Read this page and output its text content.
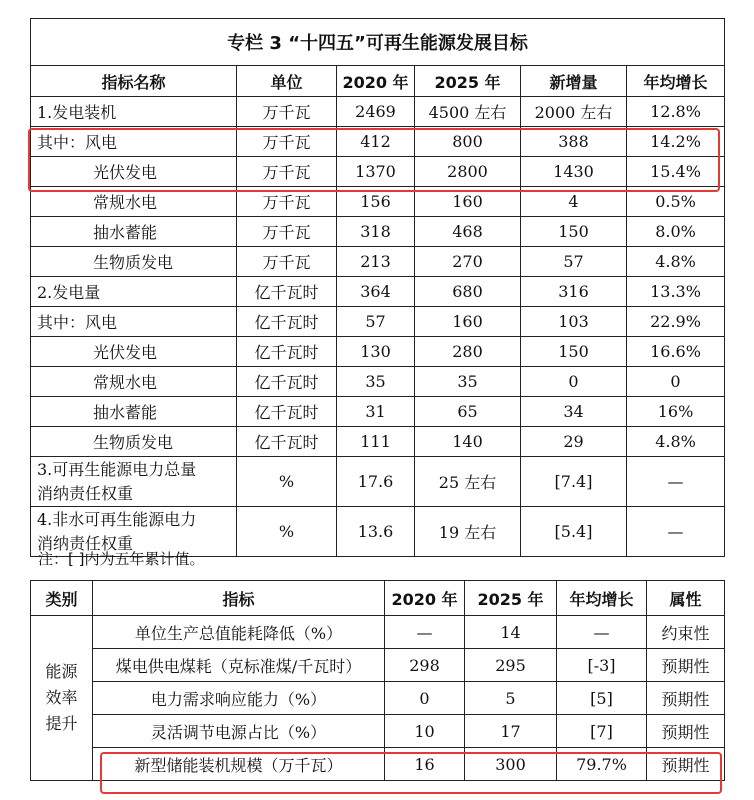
专栏 3 “十四五”可再生能源发展目标					
指标名称	单位	2020 年	2025 年	新增量	年均增长
1.发电装机	万千瓦	2469	4500 左右	2000 左右	12.8%
其中：风电	万千瓦	412	800	388	14.2%
光伏发电	万千瓦	1370	2800	1430	15.4%
常规水电	万千瓦	156	160	4	0.5%
抽水蓄能	万千瓦	318	468	150	8.0%
生物质发电	万千瓦	213	270	57	4.8%
2.发电量	亿千瓦时	364	680	316	13.3%
其中：风电	亿千瓦时	57	160	103	22.9%
光伏发电	亿千瓦时	130	280	150	16.6%
常规水电	亿千瓦时	35	35	0	0
抽水蓄能	亿千瓦时	31	65	34	16%
生物质发电	亿千瓦时	111	140	29	4.8%

3.可再生能源电力总量
消纳责任权重	%	17.6	25 左右	[7.4]	—

4.非水可再生能源电力
消纳责任权重	%	13.6	19 左右	[5.4]	—
注：[ ]内为五年累计值。
类别	指标	2020 年	2025 年	年均增长	属性

能源
效率
提升	单位生产总值能耗降低（%）	—	14	—	约束性
	煤电供电煤耗（克标准煤/千瓦时）	298	295	[-3]	预期性
	电力需求响应能力（%）	0	5	[5]	预期性
	灵活调节电源占比（%）	10	17	[7]	预期性
	新型储能装机规模（万千瓦）	16	300	79.7%	预期性
